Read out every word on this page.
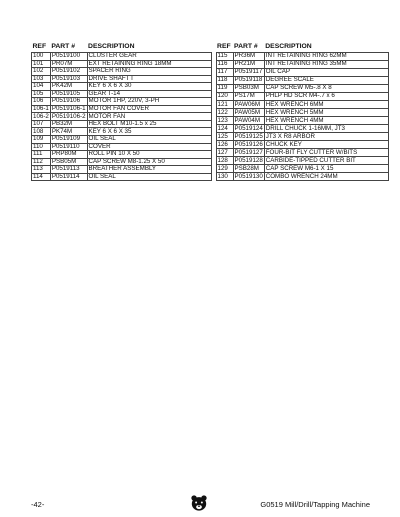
REF	PART #	DESCRIPTION
100	P0519100	CLUSTER GEAR
101	PR07M	EXT RETAINING RING 18MM
102	P0519102	SPACER RING
103	P0519103	DRIVE SHAFT I
104	PK42M	KEY 6 X 6 X 30
105	P0519105	GEAR T-14
106	P0519106	MOTOR 1HP, 220V, 3-PH
106-1	P0519106-1	MOTOR FAN COVER
106-2	P0519106-2	MOTOR FAN
107	PB32M	HEX BOLT M10-1.5 x 25
108	PK74M	KEY 6 X 6 X 35
109	P0519109	OIL SEAL
110	P0519110	COVER
111	PRP80M	ROLL PIN 10 X 50
112	PSB05M	CAP SCREW M8-1.25 X 50
113	P0519113	BREATHER ASSEMBLY
114	P0519114	OIL SEAL
REF	PART #	DESCRIPTION
115	PR36M	INT RETAINING RING 62MM
116	PR21M	INT RETAINING RING 35MM
117	P0519117	OIL CAP
118	P0519118	DEGREE SCALE
119	PSB03M	CAP SCREW M5-.8 X 8
120	PS17M	PHLP HD SCR M4-.7 x 6
121	PAW06M	HEX WRENCH 6MM
122	PAW05M	HEX WRENCH 5MM
123	PAW04M	HEX WRENCH 4MM
124	P0519124	DRILL CHUCK 1-16MM, JT3
125	P0519125	JT3 X R8 ARBOR
126	P0519126	CHUCK KEY
127	P0519127	FOUR-BIT FLY CUTTER W/BITS
128	P0519128	CARBIDE-TIPPED CUTTER BIT
129	PSB28M	CAP SCREW M6-1 X 15
130	P0519130	COMBO WRENCH 24MM
-42-	G0519 Mill/Drill/Tapping Machine
